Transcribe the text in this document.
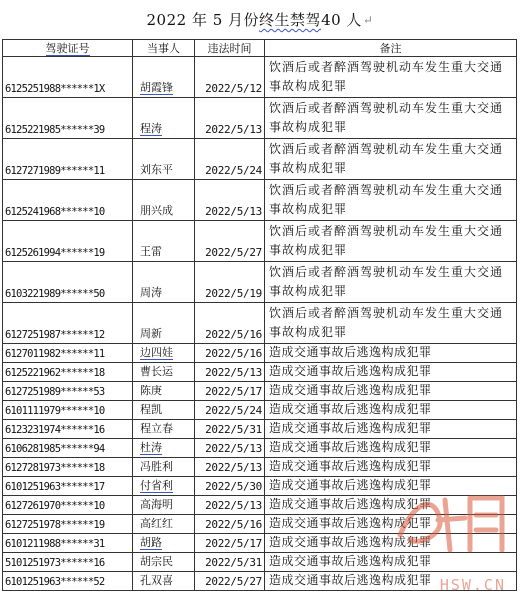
2022 年 5 月份 终生禁驾 40 人 ↵
驾驶证号	当事人	违法时间	备注
6125251988******1X	胡霞锋	2022/5/12	饮酒后或者醉酒驾驶机动车发生重大交通事故构成犯罪
6125221985******39	程涛	2022/5/13	饮酒后或者醉酒驾驶机动车发生重大交通事故构成犯罪
6127271989******11	刘东平	2022/5/24	饮酒后或者醉酒驾驶机动车发生重大交通事故构成犯罪
6125241968******10	朋兴成	2022/5/13	饮酒后或者醉酒驾驶机动车发生重大交通事故构成犯罪
6125261994******19	王雷	2022/5/27	饮酒后或者醉酒驾驶机动车发生重大交通事故构成犯罪
6103221989******50	周涛	2022/5/19	饮酒后或者醉酒驾驶机动车发生重大交通事故构成犯罪
6127251987******12	周新	2022/5/16	饮酒后或者醉酒驾驶机动车发生重大交通事故构成犯罪
6127011982******11	边四娃	2022/5/16	造成交通事故后逃逸构成犯罪
6125221962******18	曹长运	2022/5/13	造成交通事故后逃逸构成犯罪
6127251989******53	陈庚	2022/5/17	造成交通事故后逃逸构成犯罪
6101111979******10	程凯	2022/5/24	造成交通事故后逃逸构成犯罪
6123231974******16	程立春	2022/5/31	造成交通事故后逃逸构成犯罪
6106281985******94	杜涛	2022/5/13	造成交通事故后逃逸构成犯罪
6127281973******18	冯胜利	2022/5/13	造成交通事故后逃逸构成犯罪
6101251963******17	付省利	2022/5/30	造成交通事故后逃逸构成犯罪
6127261970******10	高海明	2022/5/13	造成交通事故后逃逸构成犯罪
6127251978******19	高红红	2022/5/16	造成交通事故后逃逸构成犯罪
6101211988******31	胡路	2022/5/17	造成交通事故后逃逸构成犯罪
5101251973******16	胡宗民	2022/5/31	造成交通事故后逃逸构成犯罪
6101251963******52	孔双喜	2022/5/27	造成交通事故后逃逸构成犯罪 HSW.CN
